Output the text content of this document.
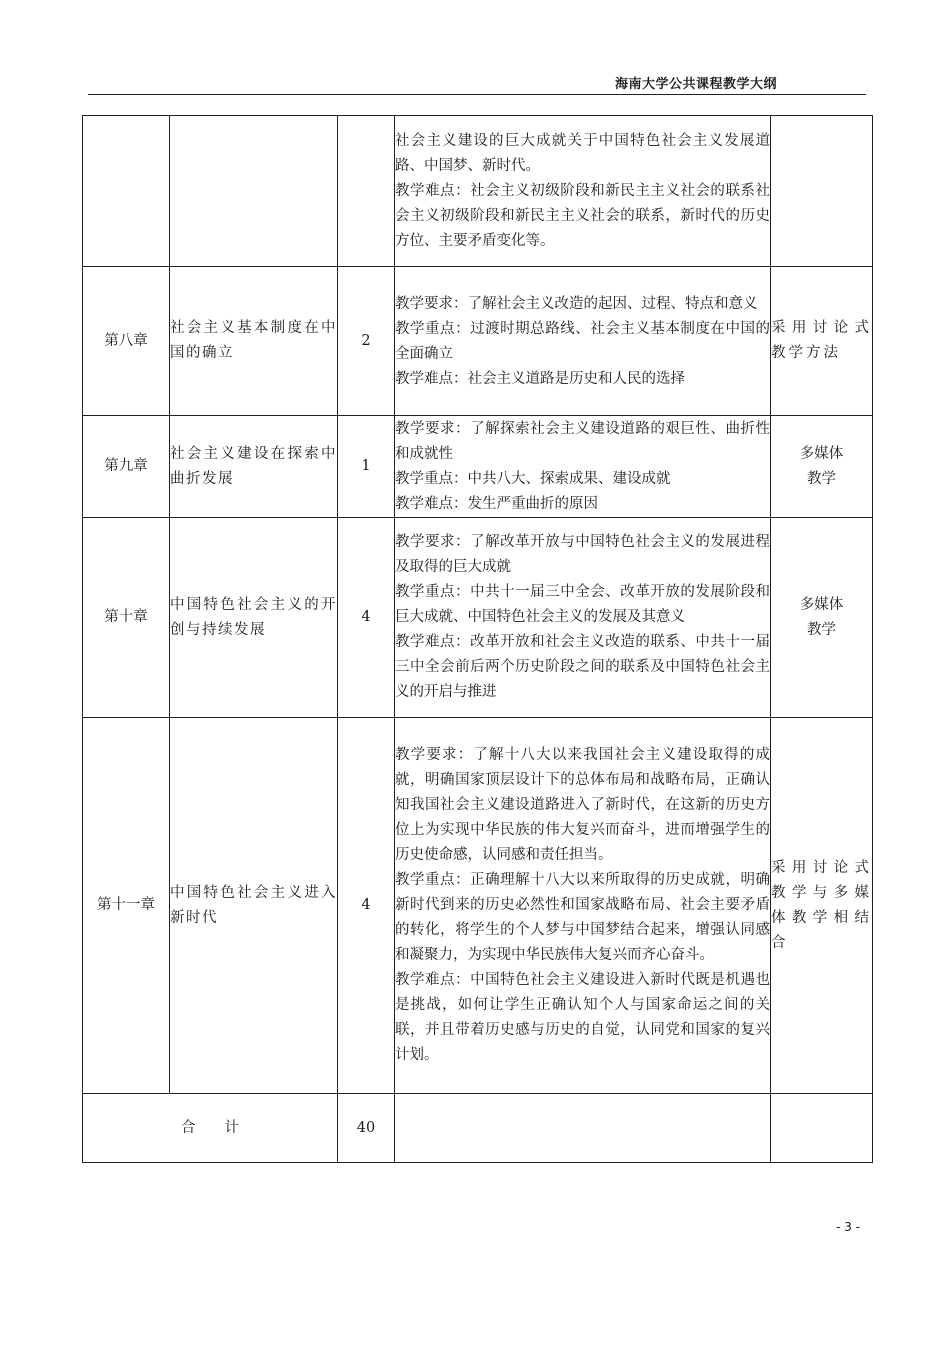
海南大学公共课程教学大纲

			社会主义建设的巨大成就关于中国特色社会主义发展道路、中国梦、新时代。
教学难点：社会主义初级阶段和新民主主义社会的联系社会主义初级阶段和新民主主义社会的联系，新时代的历史方位、主要矛盾变化等。	

第八章	社会主义基本制度在中国的确立	2	教学要求：了解社会主义改造的起因、过程、特点和意义
教学重点：过渡时期总路线、社会主义基本制度在中国的全面确立
教学难点：社会主义道路是历史和人民的选择	采用讨论式教学方法
第九章	社会主义建设在探索中曲折发展	1	教学要求：了解探索社会主义建设道路的艰巨性、曲折性和成就性
教学重点：中共八大、探索成果、建设成就
教学难点：发生严重曲折的原因	多媒体教学
第十章	中国特色社会主义的开创与持续发展	4	教学要求：了解改革开放与中国特色社会主义的发展进程及取得的巨大成就
教学重点：中共十一届三中全会、改革开放的发展阶段和巨大成就、中国特色社会主义的发展及其意义
教学难点：改革开放和社会主义改造的联系、中共十一届三中全会前后两个历史阶段之间的联系及中国特色社会主义的开启与推进	多媒体教学
第十一章	中国特色社会主义进入新时代	4	教学要求：了解十八大以来我国社会主义建设取得的成就，明确国家顶层设计下的总体布局和战略布局，正确认知我国社会主义建设道路进入了新时代，在这新的历史方位上为实现中华民族的伟大复兴而奋斗，进而增强学生的历史使命感，认同感和责任担当。
教学重点：正确理解十八大以来所取得的历史成就，明确新时代到来的历史必然性和国家战略布局、社会主要矛盾的转化，将学生的个人梦与中国梦结合起来，增强认同感和凝聚力，为实现中华民族伟大复兴而齐心奋斗。
教学难点：中国特色社会主义建设进入新时代既是机遇也是挑战，如何让学生正确认知个人与国家命运之间的关联，并且带着历史感与历史的自觉，认同党和国家的复兴计划。	采用讨论式教学与多媒体教学相结合
合　　计		40		
- 3 -
